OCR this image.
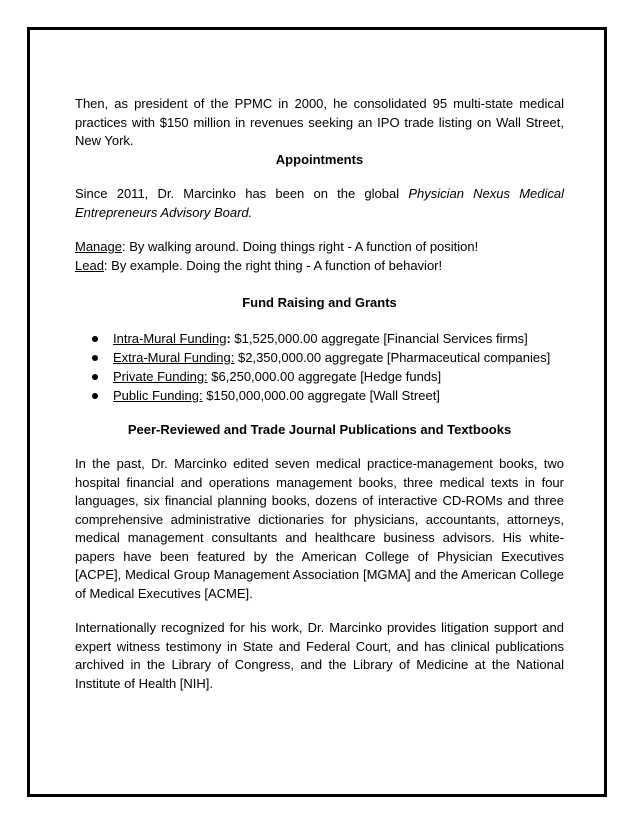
Then, as president of the PPMC in 2000, he consolidated 95 multi-state medical practices with $150 million in revenues seeking an IPO trade listing on Wall Street, New York.

Appointments

Since 2011, Dr. Marcinko has been on the global Physician Nexus Medical Entrepreneurs Advisory Board.

Manage: By walking around. Doing things right - A function of position!
Lead: By example. Doing the right thing - A function of behavior!
Fund Raising and Grants
Intra-Mural Funding: $1,525,000.00 aggregate [Financial Services firms]
Extra-Mural Funding: $2,350,000.00 aggregate [Pharmaceutical companies]
Private Funding: $6,250,000.00 aggregate [Hedge funds]
Public Funding: $150,000,000.00 aggregate [Wall Street]
Peer-Reviewed and Trade Journal Publications and Textbooks

In the past, Dr. Marcinko edited seven medical practice-management books, two hospital financial and operations management books, three medical texts in four languages, six financial planning books, dozens of interactive CD-ROMs and three comprehensive administrative dictionaries for physicians, accountants, attorneys, medical management consultants and healthcare business advisors. His white-papers have been featured by the American College of Physician Executives [ACPE], Medical Group Management Association [MGMA] and the American College of Medical Executives [ACME].

Internationally recognized for his work, Dr. Marcinko provides litigation support and expert witness testimony in State and Federal Court, and has clinical publications archived in the Library of Congress, and the Library of Medicine at the National Institute of Health [NIH].
